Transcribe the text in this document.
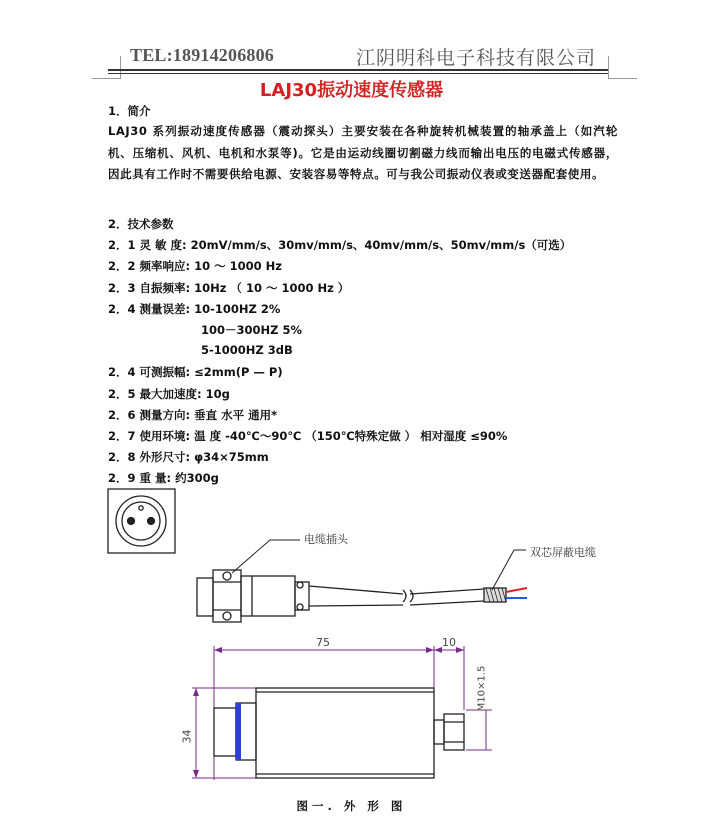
TEL:18914206806	江阴明科电子科技有限公司
LAJ30振动速度传感器
1．简介
LAJ30 系列振动速度传感器（震动探头）主要安装在各种旋转机械装置的轴承盖上（如汽轮机、压缩机、风机、电机和水泵等)。它是由运动线圈切割磁力线而输出电压的电磁式传感器，因此具有工作时不需要供给电源、安装容易等特点。可与我公司振动仪表或变送器配套使用。
2．技术参数
2．1 灵 敏 度: 20mV/mm/s、30mv/mm/s、40mv/mm/s、50mv/mm/s（可选）
2．2 频率响应: 10 ～ 1000 Hz
2．3 自振频率: 10Hz （ 10 ～ 1000 Hz ）
2．4 测量误差: 10-100HZ 2%
100－300HZ 5%
5-1000HZ 3dB
2．4 可测振幅: ≤2mm(P — P)
2．5 最大加速度: 10g
2．6 测量方向: 垂直 水平 通用*
2．7 使用环境: 温 度 -40℃～90℃ （150℃特殊定做 ） 相对湿度 ≤90%
2．8 外形尺寸: φ34×75mm
2．9 重 量: 约300g
电缆插头
双芯屏蔽电缆
75	10
34
M10×1.5
图一. 外 形 图
